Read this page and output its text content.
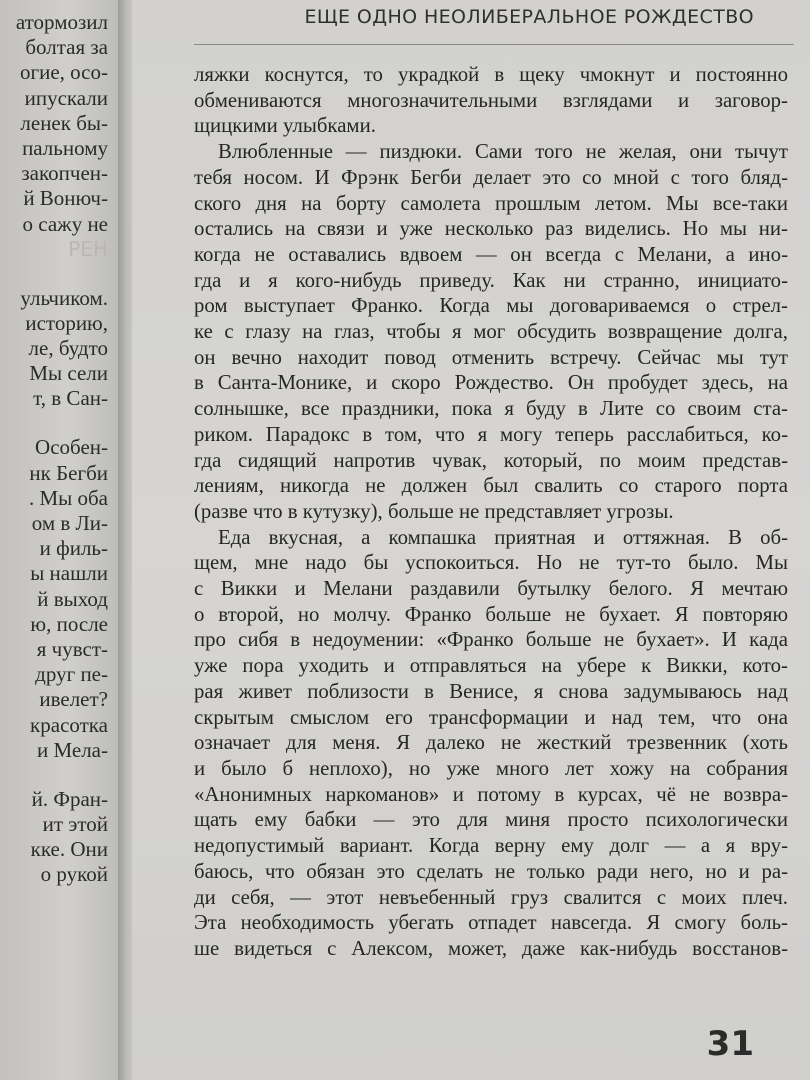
атормозил
болтая за
огие, осо-
ипускали
ленек бы-
пальному
закопчен-
й Вонюч-
о сажу не
РЕН
ульчиком.
историю,
ле, будто
Мы сели
т, в Сан-
Особен-
нк Бегби
. Мы оба
ом в Ли-
и филь-
ы нашли
й выход
ю, после
я чувст-
друг пе-
ивелет?
красотка
и Мела-
й. Фран-
ит этой
кке. Они
о рукой
ЕЩЕ ОДНО НЕОЛИБЕРАЛЬНОЕ РОЖДЕСТВО

ляжки коснутся, то украдкой в щеку чмокнут и постоянно

обмениваются многозначительными взглядами и заговор-

щицкими улыбками.

Влюбленные — пиздюки. Сами того не желая, они тычут

тебя носом. И Фрэнк Бегби делает это со мной с того бляд-

ского дня на борту самолета прошлым летом. Мы все-таки

остались на связи и уже несколько раз виделись. Но мы ни-

когда не оставались вдвоем — он всегда с Мелани, а ино-

гда и я кого-нибудь приведу. Как ни странно, инициато-

ром выступает Франко. Когда мы договариваемся о стрел-

ке с глазу на глаз, чтобы я мог обсудить возвращение долга,

он вечно находит повод отменить встречу. Сейчас мы тут

в Санта-Монике, и скоро Рождество. Он пробудет здесь, на

солнышке, все праздники, пока я буду в Лите со своим ста-

риком. Парадокс в том, что я могу теперь расслабиться, ко-

гда сидящий напротив чувак, который, по моим представ-

лениям, никогда не должен был свалить со старого порта

(разве что в кутузку), больше не представляет угрозы.

Еда вкусная, а компашка приятная и оттяжная. В об-

щем, мне надо бы успокоиться. Но не тут-то было. Мы

с Викки и Мелани раздавили бутылку белого. Я мечтаю

о второй, но молчу. Франко больше не бухает. Я повторяю

про сибя в недоумении: «Франко больше не бухает». И када

уже пора уходить и отправляться на убере к Викки, кото-

рая живет поблизости в Венисе, я снова задумываюсь над

скрытым смыслом его трансформации и над тем, что она

означает для меня. Я далеко не жесткий трезвенник (хоть

и было б неплохо), но уже много лет хожу на собрания

«Анонимных наркоманов» и потому в курсах, чё не возвра-

щать ему бабки — это для миня просто психологически

недопустимый вариант. Когда верну ему долг — а я вру-

баюсь, что обязан это сделать не только ради него, но и ра-

ди себя, — этот невъебенный груз свалится с моих плеч.

Эта необходимость убегать отпадет навсегда. Я смогу боль-

ше видеться с Алексом, может, даже как-нибудь восстанов-

31
